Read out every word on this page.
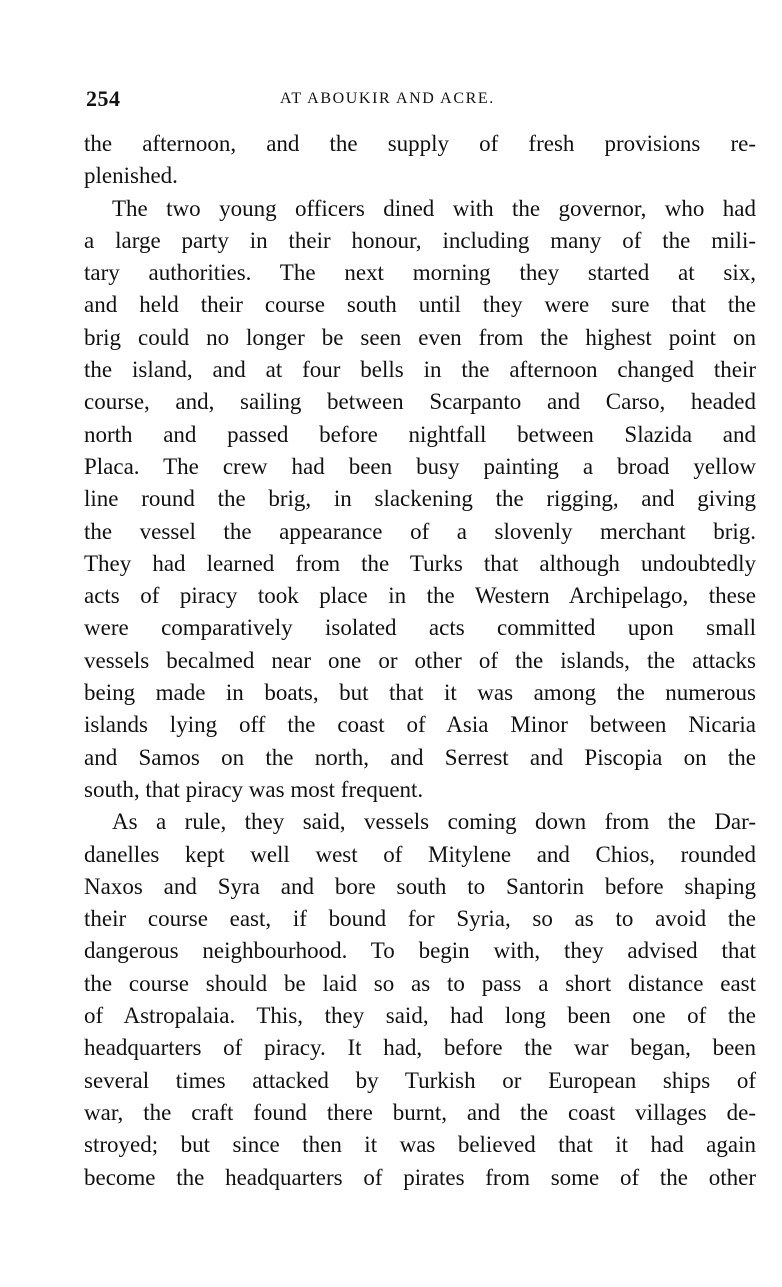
254	AT ABOUKIR AND ACRE.
the afternoon, and the supply of fresh provisions re-
plenished.
The two young officers dined with the governor, who had
a large party in their honour, including many of the mili-
tary authorities. The next morning they started at six,
and held their course south until they were sure that the
brig could no longer be seen even from the highest point on
the island, and at four bells in the afternoon changed their
course, and, sailing between Scarpanto and Carso, headed
north and passed before nightfall between Slazida and
Placa. The crew had been busy painting a broad yellow
line round the brig, in slackening the rigging, and giving
the vessel the appearance of a slovenly merchant brig.
They had learned from the Turks that although undoubtedly
acts of piracy took place in the Western Archipelago, these
were comparatively isolated acts committed upon small
vessels becalmed near one or other of the islands, the attacks
being made in boats, but that it was among the numerous
islands lying off the coast of Asia Minor between Nicaria
and Samos on the north, and Serrest and Piscopia on the
south, that piracy was most frequent.
As a rule, they said, vessels coming down from the Dar-
danelles kept well west of Mitylene and Chios, rounded
Naxos and Syra and bore south to Santorin before shaping
their course east, if bound for Syria, so as to avoid the
dangerous neighbourhood. To begin with, they advised that
the course should be laid so as to pass a short distance east
of Astropalaia. This, they said, had long been one of the
headquarters of piracy. It had, before the war began, been
several times attacked by Turkish or European ships of
war, the craft found there burnt, and the coast villages de-
stroyed; but since then it was believed that it had again
become the headquarters of pirates from some of the other
